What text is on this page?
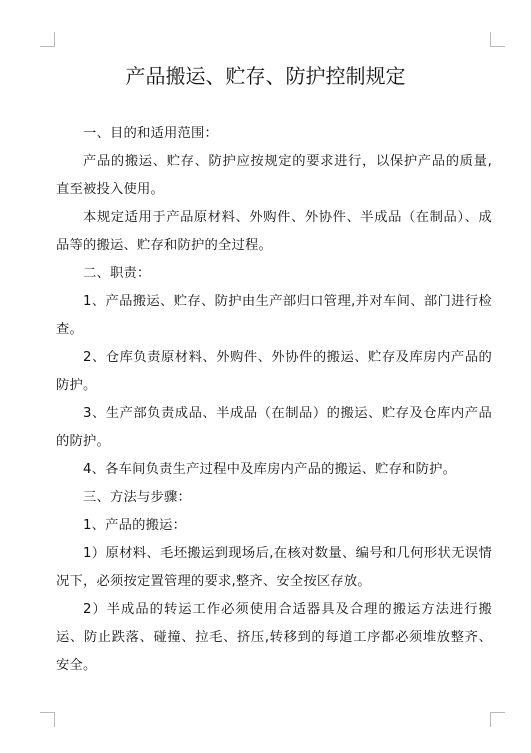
产品搬运、贮存、防护控制规定

一、目的和适用范围：

产品的搬运、贮存、防护应按规定的要求进行，以保护产品的质量,直至被投入使用。

本规定适用于产品原材料、外购件、外协件、半成品（在制品）、成品等的搬运、贮存和防护的全过程。

二、职责：

1、产品搬运、贮存、防护由生产部归口管理,并对车间、部门进行检查。

2、仓库负责原材料、外购件、外协件的搬运、贮存及库房内产品的防护。

3、生产部负责成品、半成品（在制品）的搬运、贮存及仓库内产品的防护。

4、各车间负责生产过程中及库房内产品的搬运、贮存和防护。

三、方法与步骤：

1、产品的搬运：

1）原材料、毛坯搬运到现场后,在核对数量、编号和几何形状无误情况下，必须按定置管理的要求,整齐、安全按区存放。

2）半成品的转运工作必须使用合适器具及合理的搬运方法进行搬运、防止跌落、碰撞、拉毛、挤压,转移到的每道工序都必须堆放整齐、安全。
